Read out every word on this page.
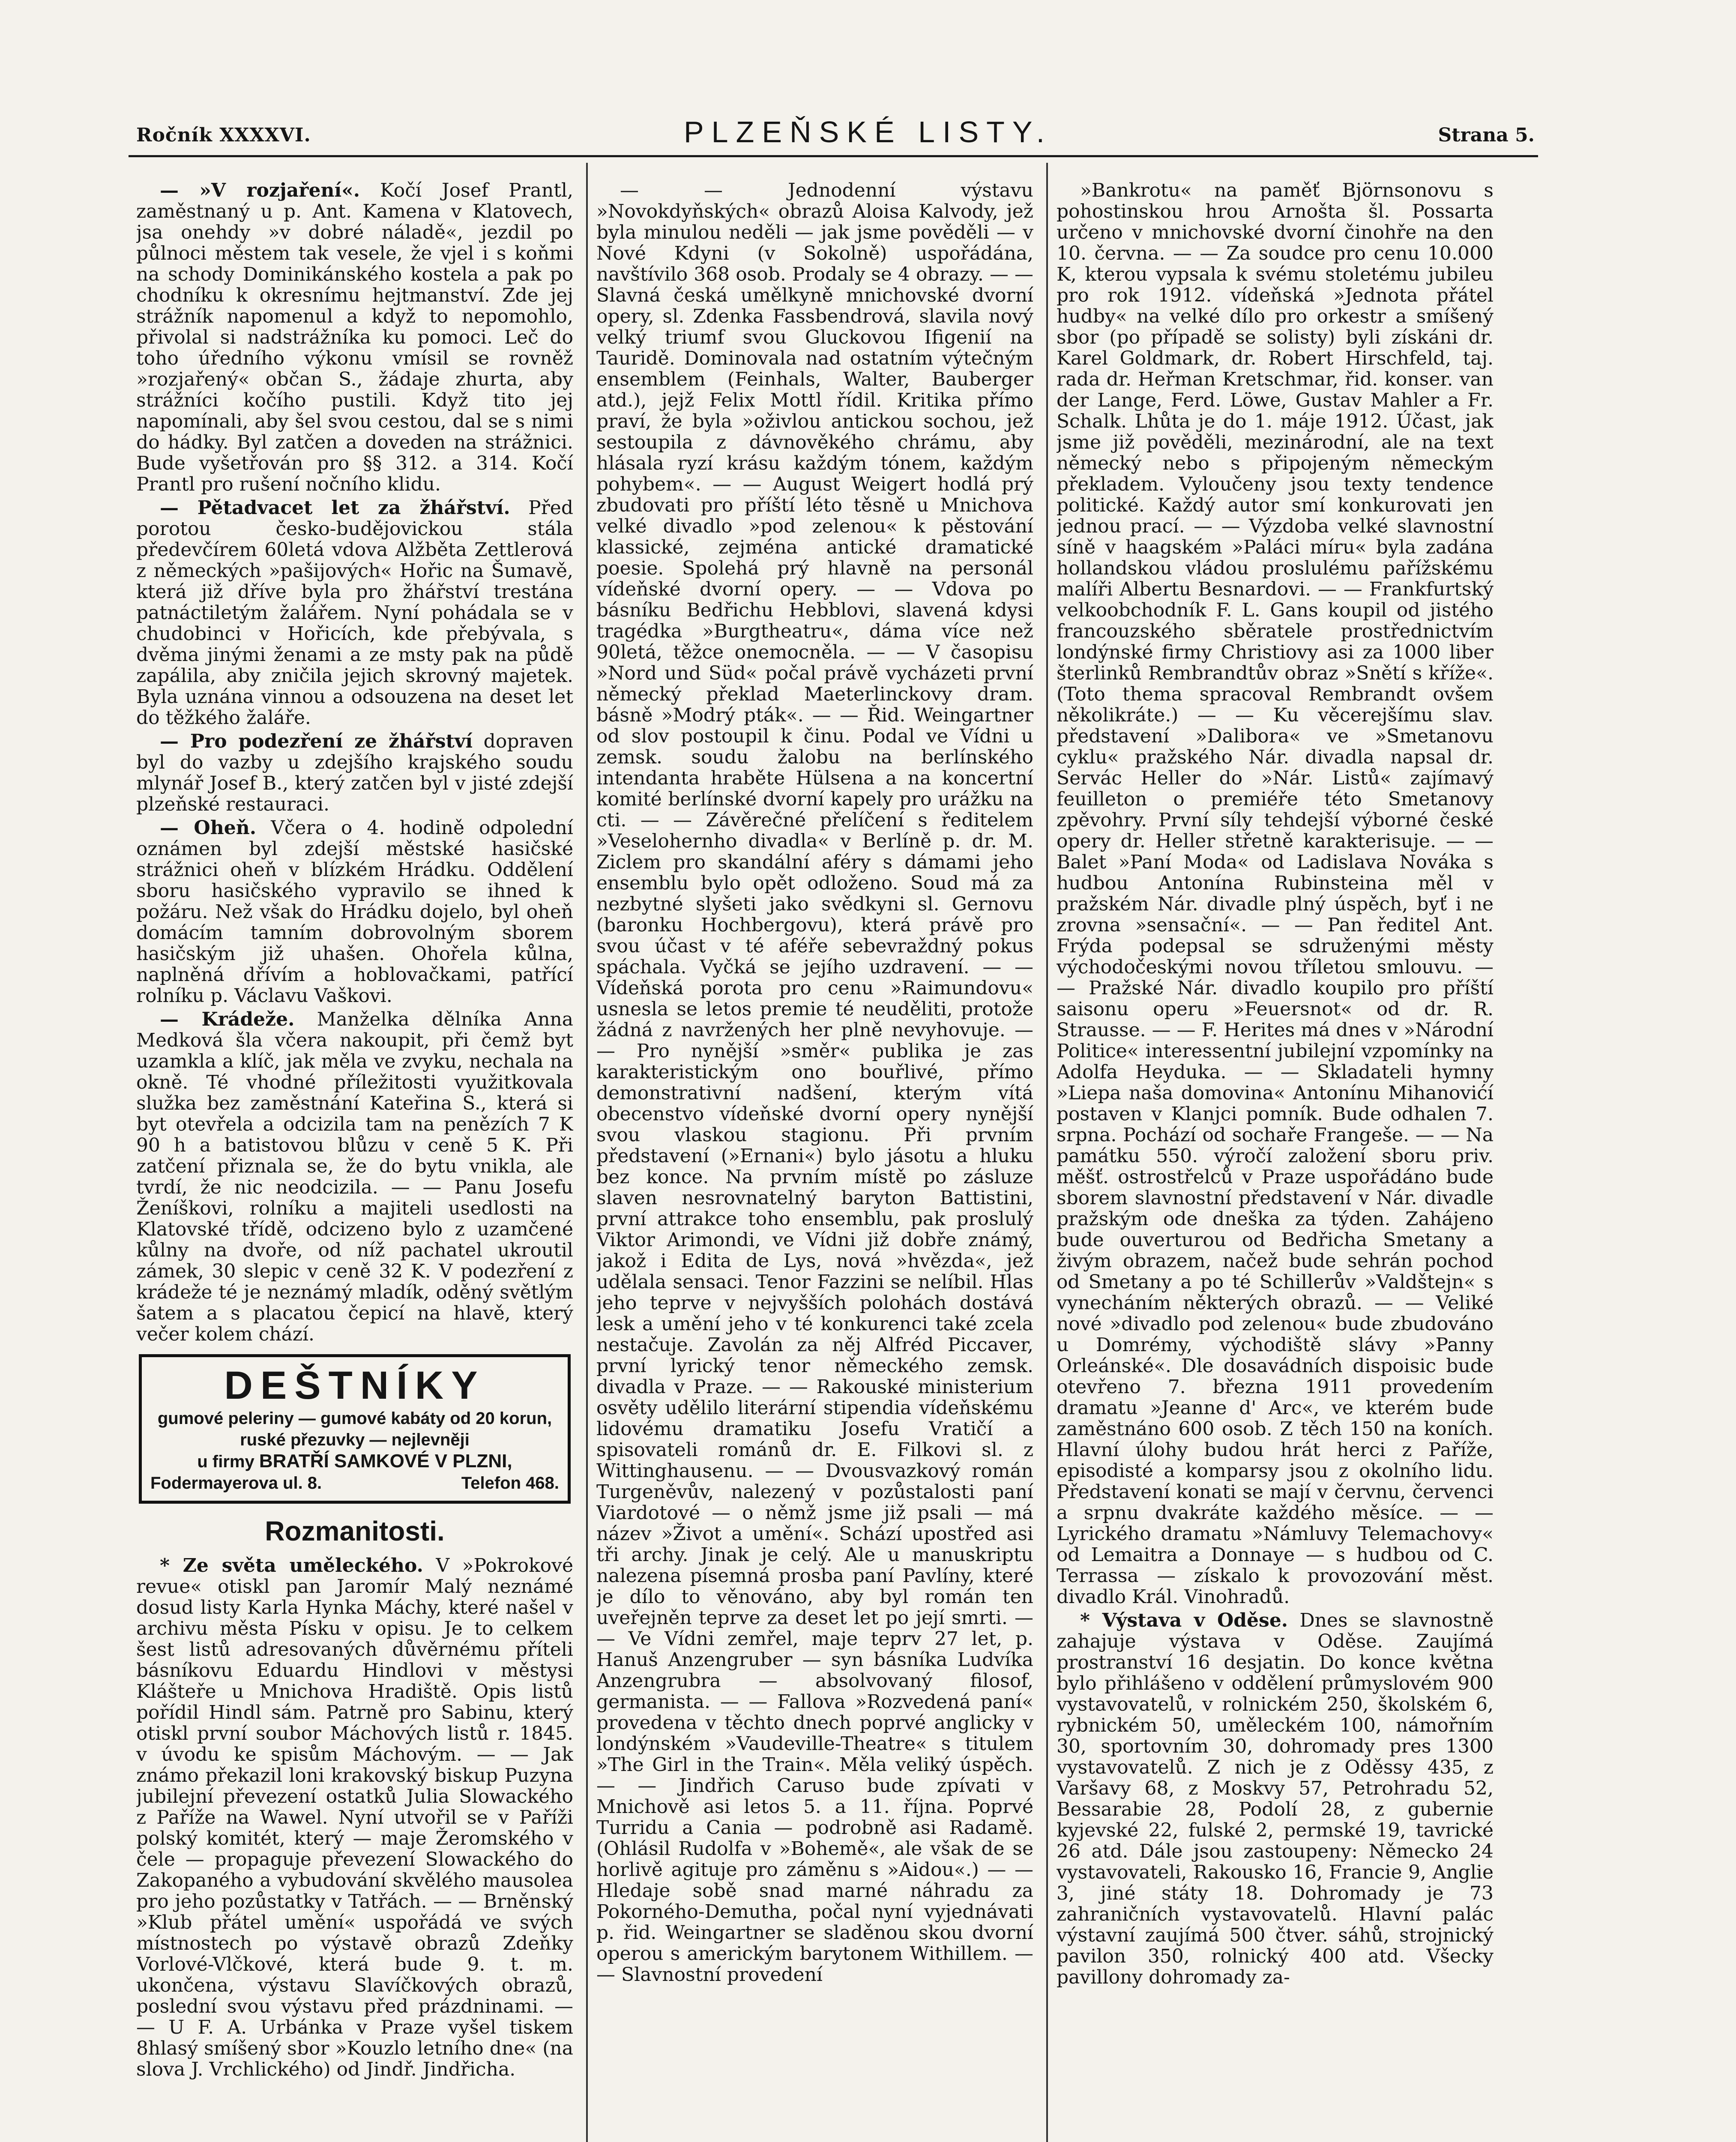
Ročník XXXXVI.	PLZEŇSKÉ LISTY.	Strana 5.

— »V rozjaření«. Kočí Josef Prantl, zaměstnaný u p. Ant. Kamena v Klatovech, jsa onehdy »v dobré náladě«, jezdil po půlnoci městem tak vesele, že vjel i s koňmi na schody Dominikánského kostela a pak po chodníku k okresnímu hejtmanství. Zde jej strážník napomenul a když to nepomohlo, přivolal si nadstrážníka ku pomoci. Leč do toho úředního výkonu vmísil se rovněž »rozjařený« občan S., žádaje zhurta, aby strážníci kočího pustili. Když tito jej napomínali, aby šel svou cestou, dal se s nimi do hádky. Byl zatčen a doveden na strážnici. Bude vyšetřován pro §§ 312. a 314. Kočí Prantl pro rušení nočního klidu.

— Pětadvacet let za žhářství. Před porotou česko-budějovickou stála předevčírem 60letá vdova Alžběta Zettlerová z německých »pašijových« Hořic na Šumavě, která již dříve byla pro žhářství trestána patnáctiletým žalářem. Nyní pohádala se v chudobinci v Hořicích, kde přebývala, s dvěma jinými ženami a ze msty pak na půdě zapálila, aby zničila jejich skrovný majetek. Byla uznána vinnou a odsouzena na deset let do těžkého žaláře.

— Pro podezření ze žhářství dopraven byl do vazby u zdejšího krajského soudu mlynář Josef B., který zatčen byl v jisté zdejší plzeňské restauraci.

— Oheň. Včera o 4. hodině odpolední oznámen byl zdejší městské hasičské strážnici oheň v blízkém Hrádku. Oddělení sboru hasičského vypravilo se ihned k požáru. Než však do Hrádku dojelo, byl oheň domácím tamním dobrovolným sborem hasičským již uhašen. Ohořela kůlna, naplněná dřívím a hoblovačkami, patřící rolníku p. Václavu Vaškovi.

— Krádeže. Manželka dělníka Anna Medková šla včera nakoupit, při čemž byt uzamkla a klíč, jak měla ve zvyku, nechala na okně. Té vhodné příležitosti využitkovala služka bez zaměstnání Kateřina S., která si byt otevřela a odcizila tam na penězích 7 K 90 h a batistovou blůzu v ceně 5 K. Při zatčení přiznala se, že do bytu vnikla, ale tvrdí, že nic neodcizila. — — Panu Josefu Ženíškovi, rolníku a majiteli usedlosti na Klatovské třídě, odcizeno bylo z uzamčené kůlny na dvoře, od níž pachatel ukroutil zámek, 30 slepic v ceně 32 K. V podezření z krádeže té je neznámý mladík, oděný světlým šatem a s placatou čepicí na hlavě, který večer kolem chází.

DEŠTNÍKY
gumové peleriny — gumové kabáty od 20 korun,
ruské přezuvky — nejlevněji
u firmy BRATŘÍ SAMKOVÉ V PLZNI,
Fodermayerova ul. 8.	Telefon 468.
Rozmanitosti.

* Ze světa uměleckého. V »Pokrokové revue« otiskl pan Jaromír Malý neznámé dosud listy Karla Hynka Máchy, které našel v archivu města Písku v opisu. Je to celkem šest listů adresovaných důvěrnému příteli básníkovu Eduardu Hindlovi v městysi Klášteře u Mnichova Hradiště. Opis listů pořídil Hindl sám. Patrně pro Sabinu, který otiskl první soubor Máchových listů r. 1845. v úvodu ke spisům Máchovým. — — Jak známo překazil loni krakovský biskup Puzyna jubilejní převezení ostatků Julia Slowackého z Paříže na Wawel. Nyní utvořil se v Paříži polský komitét, který — maje Žeromského v čele — propaguje převezení Slowackého do Zakopaného a vybudování skvělého mausolea pro jeho pozůstatky v Tatřách. — — Brněnský »Klub přátel umění« uspořádá ve svých místnostech po výstavě obrazů Zdeňky Vorlové-Vlčkové, která bude 9. t. m. ukončena, výstavu Slavíčkových obrazů, poslední svou výstavu před prázdninami. — — U F. A. Urbánka v Praze vyšel tiskem 8hlasý smíšený sbor »Kouzlo letního dne« (na slova J. Vrchlického) od Jindř. Jindřicha.

— — Jednodenní výstavu »Novokdyňských« obrazů Aloisa Kalvody, jež byla minulou neděli — jak jsme pověděli — v Nové Kdyni (v Sokolně) uspořádána, navštívilo 368 osob. Prodaly se 4 obrazy. — — Slavná česká umělkyně mnichovské dvorní opery, sl. Zdenka Fassbendrová, slavila nový velký triumf svou Gluckovou Ifigenií na Tauridě. Dominovala nad ostatním výtečným ensemblem (Feinhals, Walter, Bauberger atd.), jejž Felix Mottl řídil. Kritika přímo praví, že byla »oživlou antickou sochou, jež sestoupila z dávnověkého chrámu, aby hlásala ryzí krásu každým tónem, každým pohybem«. — — August Weigert hodlá prý zbudovati pro příští léto těsně u Mnichova velké divadlo »pod zelenou« k pěstování klassické, zejména antické dramatické poesie. Spolehá prý hlavně na personál vídeňské dvorní opery. — — Vdova po básníku Bedřichu Hebblovi, slavená kdysi tragédka »Burgtheatru«, dáma více než 90letá, těžce onemocněla. — — V časopisu »Nord und Süd« počal právě vycházeti první německý překlad Maeterlinckovy dram. básně »Modrý pták«. — — Řid. Weingartner od slov postoupil k činu. Podal ve Vídni u zemsk. soudu žalobu na berlínského intendanta hraběte Hülsena a na koncertní komité berlínské dvorní kapely pro urážku na cti. — — Závěrečné přelíčení s ředitelem »Veselohernho divadla« v Berlíně p. dr. M. Ziclem pro skandální aféry s dámami jeho ensemblu bylo opět odloženo. Soud má za nezbytné slyšeti jako svědkyni sl. Gernovu (baronku Hochbergovu), která právě pro svou účast v té aféře sebevraždný pokus spáchala. Vyčká se jejího uzdravení. — — Vídeňská porota pro cenu »Raimundovu« usnesla se letos premie té neuděliti, protože žádná z navržených her plně nevyhovuje. — — Pro nynější »směr« publika je zas karakteristickým ono bouřlivé, přímo demonstrativní nadšení, kterým vítá obecenstvo vídeňské dvorní opery nynější svou vlaskou stagionu. Při prvním představení (»Ernani«) bylo jásotu a hluku bez konce. Na prvním místě po zásluze slaven nesrovnatelný baryton Battistini, první attrakce toho ensemblu, pak proslulý Viktor Arimondi, ve Vídni již dobře známý, jakož i Edita de Lys, nová »hvězda«, jež udělala sensaci. Tenor Fazzini se nelíbil. Hlas jeho teprve v nejvyšších polohách dostává lesk a umění jeho v té konkurenci také zcela nestačuje. Zavolán za něj Alfréd Piccaver, první lyrický tenor německého zemsk. divadla v Praze. — — Rakouské ministerium osvěty udělilo literární stipendia vídeňskému lidovému dramatiku Josefu Vratičí a spisovateli románů dr. E. Filkovi sl. z Wittinghausenu. — — Dvousvazkový román Turgeněvův, nalezený v pozůstalosti paní Viardotové — o němž jsme již psali — má název »Život a umění«. Schází upostřed asi tři archy. Jinak je celý. Ale u manuskriptu nalezena písemná prosba paní Pavlíny, které je dílo to věnováno, aby byl román ten uveřejněn teprve za deset let po její smrti. — — Ve Vídni zemřel, maje teprv 27 let, p. Hanuš Anzengruber — syn básníka Ludvíka Anzengrubra — absolvovaný filosof, germanista. — — Fallova »Rozvedená paní« provedena v těchto dnech poprvé anglicky v londýnském »Vaudeville-Theatre« s titulem »The Girl in the Train«. Měla veliký úspěch. — — Jindřich Caruso bude zpívati v Mnichově asi letos 5. a 11. října. Poprvé Turridu a Cania — podrobně asi Radamě. (Ohlásil Rudolfa v »Bohemě«, ale však de se horlivě agituje pro záměnu s »Aidou«.) — — Hledaje sobě snad marné náhradu za Pokorného-Demutha, počal nyní vyjednávati p. řid. Weingartner se sladěnou skou dvorní operou s americkým barytonem Withillem. — — Slavnostní provedení

»Bankrotu« na paměť Björnsonovu s pohostinskou hrou Arnošta šl. Possarta určeno v mnichovské dvorní činohře na den 10. června. — — Za soudce pro cenu 10.000 K, kterou vypsala k svému stoletému jubileu pro rok 1912. vídeňská »Jednota přátel hudby« na velké dílo pro orkestr a smíšený sbor (po případě se solisty) byli získáni dr. Karel Goldmark, dr. Robert Hirschfeld, taj. rada dr. Heřman Kretschmar, řid. konser. van der Lange, Ferd. Löwe, Gustav Mahler a Fr. Schalk. Lhůta je do 1. máje 1912. Účast, jak jsme již pověděli, mezinárodní, ale na text německý nebo s připojeným německým překladem. Vyloučeny jsou texty tendence politické. Každý autor smí konkurovati jen jednou prací. — — Výzdoba velké slavnostní síně v haagském »Paláci míru« byla zadána hollandskou vládou proslulému pařížskému malíři Albertu Besnardovi. — — Frankfurtský velkoobchodník F. L. Gans koupil od jistého francouzského sběratele prostřednictvím londýnské firmy Christiovy asi za 1000 liber šterlinků Rembrandtův obraz »Snětí s kříže«. (Toto thema spracoval Rembrandt ovšem několikráte.) — — Ku věcerejšímu slav. představení »Dalibora« ve »Smetanovu cyklu« pražského Nár. divadla napsal dr. Servác Heller do »Nár. Listů« zajímavý feuilleton o premiéře této Smetanovy zpěvohry. První síly tehdejší výborné české opery dr. Heller střetně karakterisuje. — — Balet »Paní Moda« od Ladislava Nováka s hudbou Antonína Rubinsteina měl v pražském Nár. divadle plný úspěch, byť i ne zrovna »sensační«. — — Pan ředitel Ant. Frýda podepsal se sdruženými městy východočeskými novou tříletou smlouvu. — — Pražské Nár. divadlo koupilo pro příští saisonu operu »Feuersnot« od dr. R. Strausse. — — F. Herites má dnes v »Národní Politice« interessentní jubilejní vzpomínky na Adolfa Heyduka. — — Skladateli hymny »Liepa naša domovina« Antonínu Mihanovićí postaven v Klanjci pomník. Bude odhalen 7. srpna. Pochází od sochaře Frangeše. — — Na památku 550. výročí založení sboru priv. měšť. ostrostřelců v Praze uspořádáno bude sborem slavnostní představení v Nár. divadle pražským ode dneška za týden. Zahájeno bude ouverturou od Bedřicha Smetany a živým obrazem, načež bude sehrán pochod od Smetany a po té Schillerův »Valdštejn« s vynecháním některých obrazů. — — Veliké nové »divadlo pod zelenou« bude zbudováno u Domrémy, východiště slávy »Panny Orleánské«. Dle dosavádních dispoisic bude otevřeno 7. března 1911 provedením dramatu »Jeanne d' Arc«, ve kterém bude zaměstnáno 600 osob. Z těch 150 na koních. Hlavní úlohy budou hrát herci z Paříže, episodisté a komparsy jsou z okolního lidu. Představení konati se mají v červnu, červenci a srpnu dvakráte každého měsíce. — — Lyrického dramatu »Námluvy Telemachovy« od Lemaitra a Donnaye — s hudbou od C. Terrassa — získalo k provozování měst. divadlo Král. Vinohradů.

* Výstava v Oděse. Dnes se slavnostně zahajuje výstava v Oděse. Zaujímá prostranství 16 desjatin. Do konce května bylo přihlášeno v oddělení průmyslovém 900 vystavovatelů, v rolnickém 250, školském 6, rybnickém 50, uměleckém 100, námořním 30, sportovním 30, dohromady pres 1300 vystavovatelů. Z nich je z Oděssy 435, z Varšavy 68, z Moskvy 57, Petrohradu 52, Bessarabie 28, Podolí 28, z gubernie kyjevské 22, fulské 2, permské 19, tavrické 26 atd. Dále jsou zastoupeny: Německo 24 vystavovateli, Rakousko 16, Francie 9, Anglie 3, jiné státy 18. Dohromady je 73 zahraničních vystavovatelů. Hlavní palác výstavní zaujímá 500 čtver. sáhů, strojnický pavilon 350, rolnický 400 atd. Všecky pavillony dohromady za-
